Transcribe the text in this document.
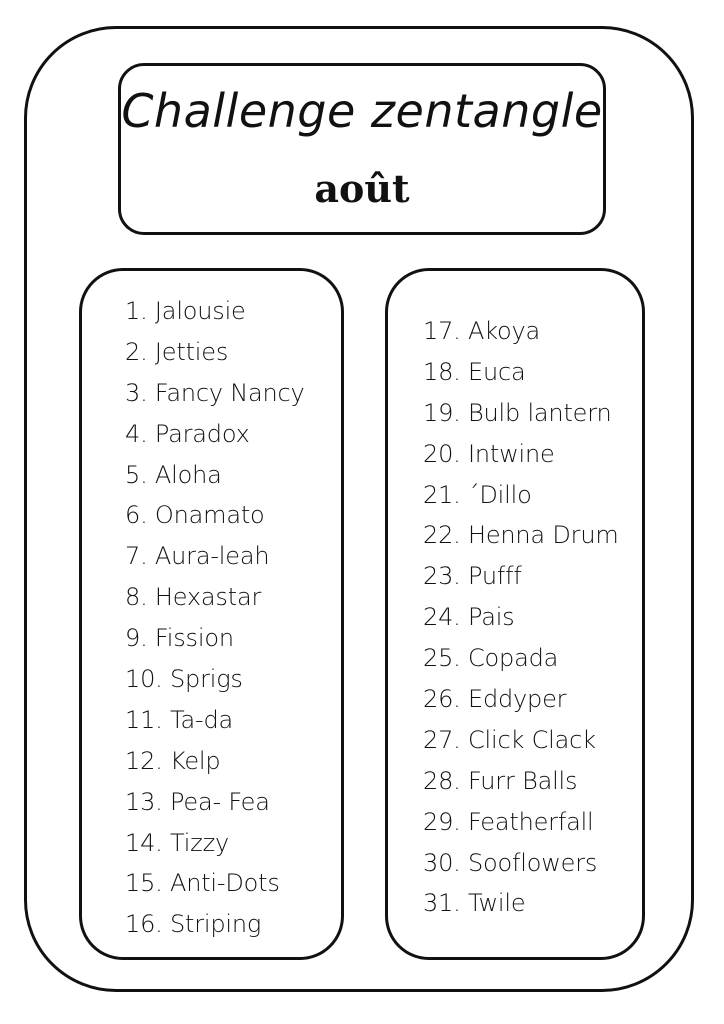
Challenge zentangle
août
1. Jalousie
2. Jetties
3. Fancy Nancy
4. Paradox
5. Aloha
6. Onamato
7. Aura-leah
8. Hexastar
9. Fission
10. Sprigs
11. Ta-da
12. Kelp
13. Pea- Fea
14. Tizzy
15. Anti-Dots
16. Striping
17. Akoya
18. Euca
19. Bulb lantern
20. Intwine
21. ´Dillo
22. Henna Drum
23. Pufff
24. Pais
25. Copada
26. Eddyper
27. Click Clack
28. Furr Balls
29. Featherfall
30. Sooflowers
31. Twile
